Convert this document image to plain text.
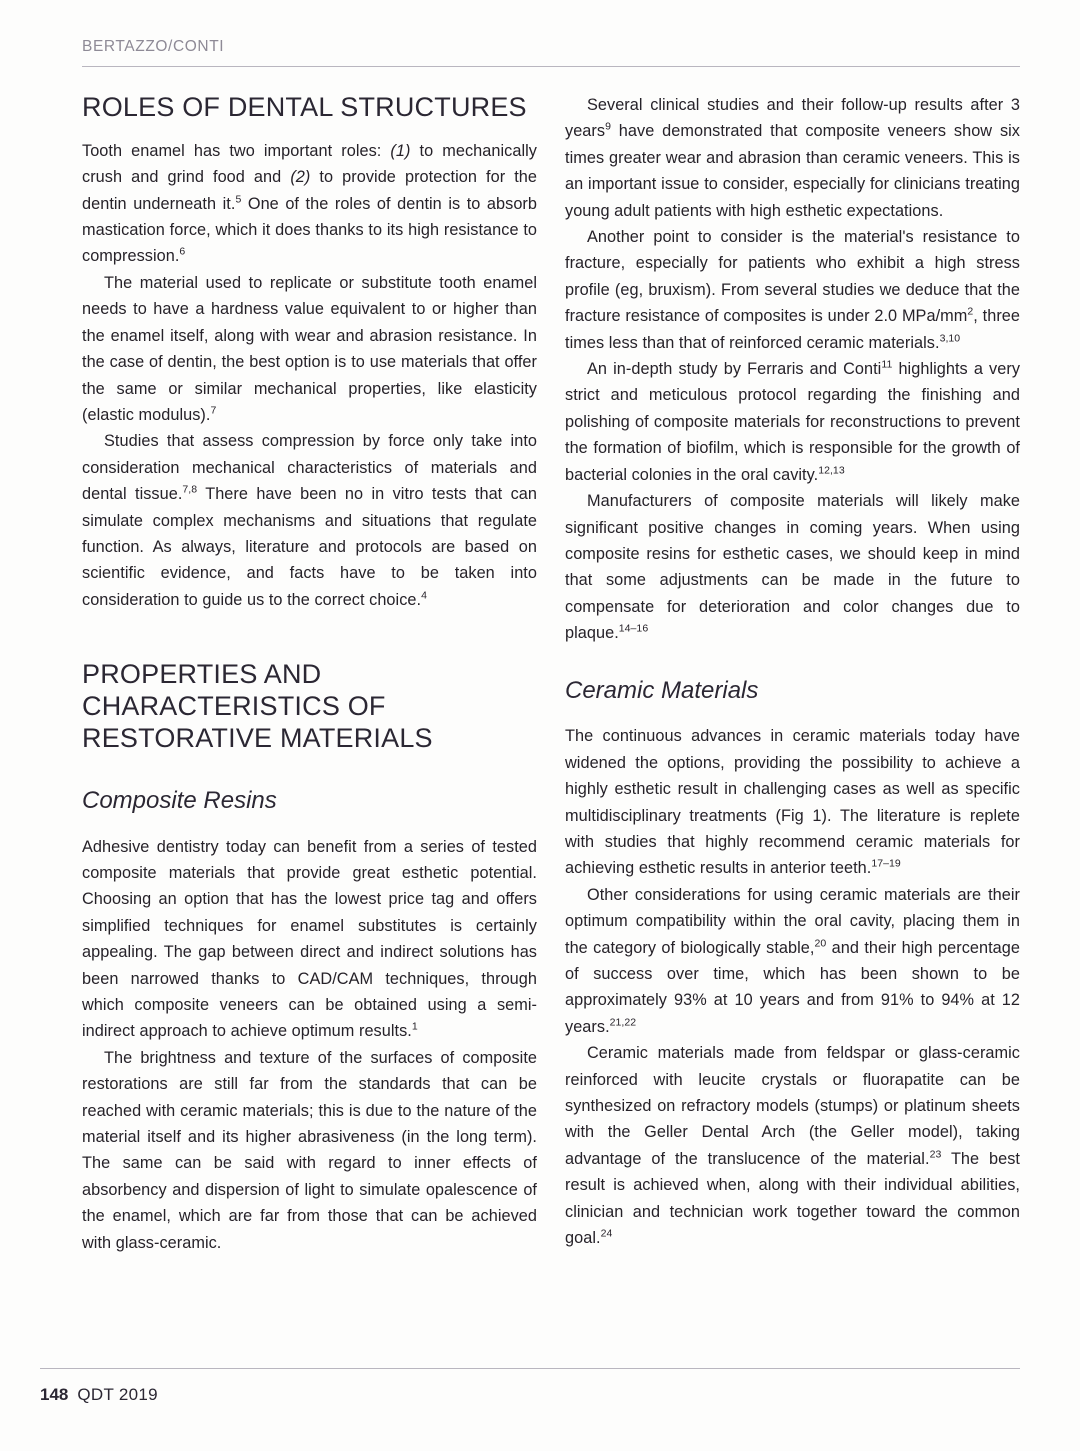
BERTAZZO/CONTI
ROLES OF DENTAL STRUCTURES

Tooth enamel has two important roles: (1) to mechanically crush and grind food and (2) to provide protection for the dentin underneath it.$^5$ One of the roles of dentin is to absorb mastication force, which it does thanks to its high resistance to compression.$^6$

The material used to replicate or substitute tooth enamel needs to have a hardness value equivalent to or higher than the enamel itself, along with wear and abrasion resistance. In the case of dentin, the best option is to use materials that offer the same or similar mechanical properties, like elasticity (elastic modulus).$^7$

Studies that assess compression by force only take into consideration mechanical characteristics of materials and dental tissue.$^{7,8}$ There have been no in vitro tests that can simulate complex mechanisms and situations that regulate function. As always, literature and protocols are based on scientific evidence, and facts have to be taken into consideration to guide us to the correct choice.$^4$

PROPERTIES AND CHARACTERISTICS OF RESTORATIVE MATERIALS
Composite Resins

Adhesive dentistry today can benefit from a series of tested composite materials that provide great esthetic potential. Choosing an option that has the lowest price tag and offers simplified techniques for enamel substitutes is certainly appealing. The gap between direct and indirect solutions has been narrowed thanks to CAD/CAM techniques, through which composite veneers can be obtained using a semi-indirect approach to achieve optimum results.$^1$

The brightness and texture of the surfaces of composite restorations are still far from the standards that can be reached with ceramic materials; this is due to the nature of the material itself and its higher abrasiveness (in the long term). The same can be said with regard to inner effects of absorbency and dispersion of light to simulate opalescence of the enamel, which are far from those that can be achieved with glass-ceramic.

Several clinical studies and their follow-up results after 3 years$^9$ have demonstrated that composite veneers show six times greater wear and abrasion than ceramic veneers. This is an important issue to consider, especially for clinicians treating young adult patients with high esthetic expectations.

Another point to consider is the material's resistance to fracture, especially for patients who exhibit a high stress profile (eg, bruxism). From several studies we deduce that the fracture resistance of composites is under 2.0 MPa/$mm^2$, three times less than that of reinforced ceramic materials.$^{3,10}$

An in-depth study by Ferraris and Conti$^{11}$ highlights a very strict and meticulous protocol regarding the finishing and polishing of composite materials for reconstructions to prevent the formation of biofilm, which is responsible for the growth of bacterial colonies in the oral cavity.$^{12,13}$

Manufacturers of composite materials will likely make significant positive changes in coming years. When using composite resins for esthetic cases, we should keep in mind that some adjustments can be made in the future to compensate for deterioration and color changes due to plaque.$^{14-16}$

Ceramic Materials

The continuous advances in ceramic materials today have widened the options, providing the possibility to achieve a highly esthetic result in challenging cases as well as specific multidisciplinary treatments (Fig 1). The literature is replete with studies that highly recommend ceramic materials for achieving esthetic results in anterior teeth.$^{17-19}$

Other considerations for using ceramic materials are their optimum compatibility within the oral cavity, placing them in the category of biologically stable,$^{20}$ and their high percentage of success over time, which has been shown to be approximately 93% at 10 years and from 91% to 94% at 12 years.$^{21,22}$

Ceramic materials made from feldspar or glass-ceramic reinforced with leucite crystals or fluorapatite can be synthesized on refractory models (stumps) or platinum sheets with the Geller Dental Arch (the Geller model), taking advantage of the translucence of the material.$^{23}$ The best result is achieved when, along with their individual abilities, clinician and technician work together toward the common goal.$^{24}$

148 QDT 2019
